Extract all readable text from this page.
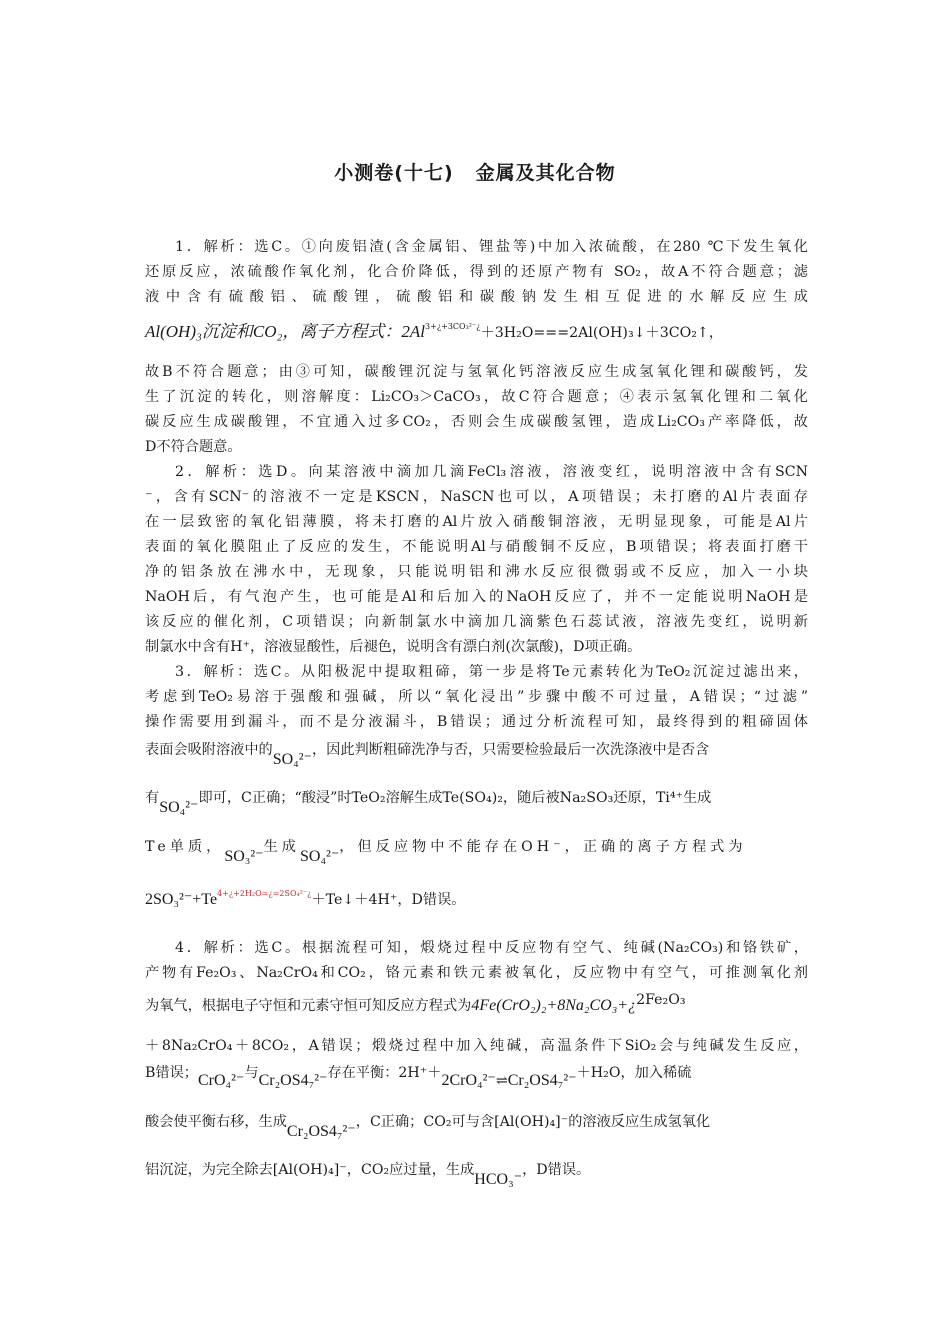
小测卷(十七) 金属及其化合物
1．解析：选C。①向废铝渣(含金属铝、锂盐等)中加入浓硫酸，在280 ℃下发生氧化
还原反应，浓硫酸作氧化剂，化合价降低，得到的还原产物有 SO₂，故A不符合题意；滤
液中含有硫酸铝、硫酸锂，硫酸铝和碳酸钠发生相互促进的水解反应生成
Al(OH)₃沉淀和CO₂，离子方程式：$2Al^{3+¿+3CO_3^{2-}¿}+3H_2O===2Al(OH)_3↓+3CO_2↑$，
故B不符合题意；由③可知，碳酸锂沉淀与氢氧化钙溶液反应生成氢氧化锂和碳酸钙，发
生了沉淀的转化，则溶解度：Li₂CO₃＞CaCO₃，故C符合题意；④表示氢氧化锂和二氧化
碳反应生成碳酸锂，不宜通入过多CO₂，否则会生成碳酸氢锂，造成Li₂CO₃产率降低，故
D不符合题意。
2．解析：选D。向某溶液中滴加几滴FeCl₃溶液，溶液变红，说明溶液中含有SCN
⁻，含有SCN⁻的溶液不一定是KSCN，NaSCN也可以，A项错误；未打磨的Al片表面存
在一层致密的氧化铝薄膜，将未打磨的Al片放入硝酸铜溶液，无明显现象，可能是Al片
表面的氧化膜阻止了反应的发生，不能说明Al与硝酸铜不反应，B项错误；将表面打磨干
净的铝条放在沸水中，无现象，只能说明铝和沸水反应很微弱或不反应，加入一小块
NaOH后，有气泡产生，也可能是Al和后加入的NaOH反应了，并不一定能说明NaOH是
该反应的催化剂，C项错误；向新制氯水中滴加几滴紫色石蕊试液，溶液先变红，说明新
制氯水中含有H⁺，溶液显酸性，后褪色，说明含有漂白剂(次氯酸)，D项正确。
3．解析：选C。从阳极泥中提取粗碲，第一步是将Te元素转化为TeO₂沉淀过滤出来，
考虑到TeO₂易溶于强酸和强碱，所以“氧化浸出”步骤中酸不可过量，A错误；“过滤”
操作需要用到漏斗，而不是分液漏斗，B错误；通过分析流程可知，最终得到的粗碲固体
表面会吸附溶液中的SO₄²⁻，因此判断粗碲洗净与否，只需要检验最后一次洗涤液中是否含
有SO₄²⁻即可，C正确；“酸浸”时TeO₂溶解生成Te(SO₄)₂，随后被Na₂SO₃还原，Ti⁴⁺生成
Te单质，SO₃²⁻生成SO₄²⁻，但反应物中不能存在OH⁻，正确的离子方程式为
$2SO_3^{2-}+Te^{4+¿+2H_2O=¿=2SO_4^{2-}¿}+Te↓+4H^+$，D错误。
4．解析：选C。根据流程可知，煅烧过程中反应物有空气、纯碱(Na₂CO₃)和铬铁矿，
产物有Fe₂O₃、Na₂CrO₄和CO₂，铬元素和铁元素被氧化，反应物中有空气，可推测氧化剂
为氧气，根据电子守恒和元素守恒可知反应方程式为4Fe(CrO₂)₂+8Na₂CO₃+¿2Fe₂O₃
＋8Na₂CrO₄＋8CO₂，A错误；煅烧过程中加入纯碱，高温条件下SiO₂会与纯碱发生反应，
B错误；CrO₄²⁻与Cr₂OS4₇²⁻存在平衡：2H⁺＋2CrO₄²⁻⇌Cr₂OS4₇²⁻＋H₂O，加入稀硫
酸会使平衡右移，生成Cr₂OS4₇²⁻，C正确；CO₂可与含[Al(OH)₄]⁻的溶液反应生成氢氧化
铝沉淀，为完全除去[Al(OH)₄]⁻，CO₂应过量，生成HCO₃⁻，D错误。
